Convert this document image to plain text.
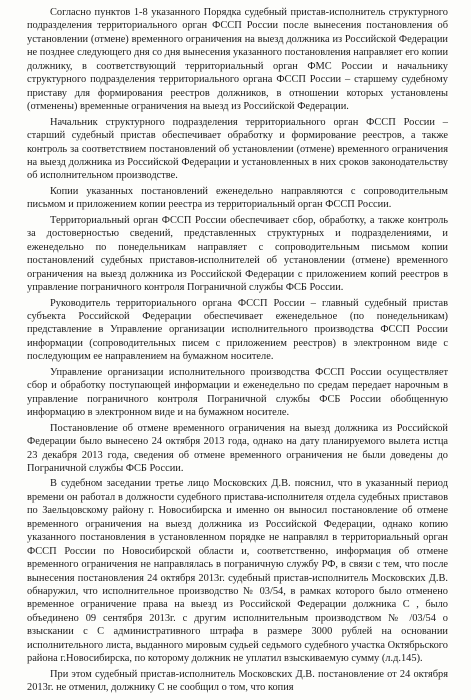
Согласно пунктов 1-8 указанного Порядка судебный пристав-исполнитель структурного подразделения территориального орган ФССП России после вынесения постановления об установлении (отмене) временного ограничения на выезд должника из Российской Федерации не позднее следующего дня со дня вынесения указанного постановления направляет его копии должнику, в соответствующий территориальный орган ФМС России и начальнику структурного подразделения территориального органа ФССП России – старшему судебному приставу для формирования реестров должников, в отношении которых установлены (отменены) временные ограничения на выезд из Российской Федерации.

Начальник структурного подразделения территориального орган ФССП России – старший судебный пристав обеспечивает обработку и формирование реестров, а также контроль за соответствием постановлений об установлении (отмене) временного ограничения на выезд должника из Российской Федерации и установленных в них сроков законодательству об исполнительном производстве.

Копии указанных постановлений еженедельно направляются с сопроводительным письмом и приложением копии реестра из территориальный орган ФССП России.

Территориальный орган ФССП России обеспечивает сбор, обработку, а также контроль за достоверностью сведений, представленных структурных и подразделениями, и еженедельно по понедельникам направляет с сопроводительным письмом копии постановлений судебных приставов-исполнителей об установлении (отмене) временного ограничения на выезд должника из Российской Федерации с приложением копий реестров в управление пограничного контроля Пограничной службы ФСБ России.

Руководитель территориального органа ФССП России – главный судебный пристав субъекта Российской Федерации обеспечивает еженедельное (по понедельникам) представление в Управление организации исполнительного производства ФССП России информации (сопроводительных писем с приложением реестров) в электронном виде с последующим ее направлением на бумажном носителе.

Управление организации исполнительного производства ФССП России осуществляет сбор и обработку поступающей информации и еженедельно по средам передает нарочным в управление пограничного контроля Пограничной службы ФСБ России обобщенную информацию в электронном виде и на бумажном носителе.

Постановление об отмене временного ограничения на выезд должника из Российской Федерации было вынесено 24 октября 2013 года, однако на дату планируемого вылета истца 23 декабря 2013 года, сведения об отмене временного ограничения не были доведены до Пограничной службы ФСБ России.

В судебном заседании третье лицо Московских Д.В. пояснил, что в указанный период времени он работал в должности судебного пристава-исполнителя отдела судебных приставов по Заельцовскому району г. Новосибирска и именно он выносил постановление об отмене временного ограничения на выезд должника из Российской Федерации, однако копию указанного постановления в установленном порядке не направлял в территориальный орган ФССП России по Новосибирской области и, соответственно, информация об отмене временного ограничения не направлялась в пограничную службу РФ, в связи с тем, что после вынесения постановления 24 октября 2013г. судебный пристав-исполнитель Московских Д.В. обнаружил, что исполнительное производство № 03/54, в рамках которого было отменено временное ограничение права на выезд из Российской Федерации должника С , было объединено 09 сентября 2013г. с другим исполнительным производством № /03/54 о взыскании с С административного штрафа в размере 3000 рублей на основании исполнительного листа, выданного мировым судьей седьмого судебного участка Октябрьского района г.Новосибирска, по которому должник не уплатил взыскиваемую сумму (л.д.145).

При этом судебный пристав-исполнитель Московских Д.В. постановление от 24 октября 2013г. не отменил, должнику С не сообщил о том, что копия
